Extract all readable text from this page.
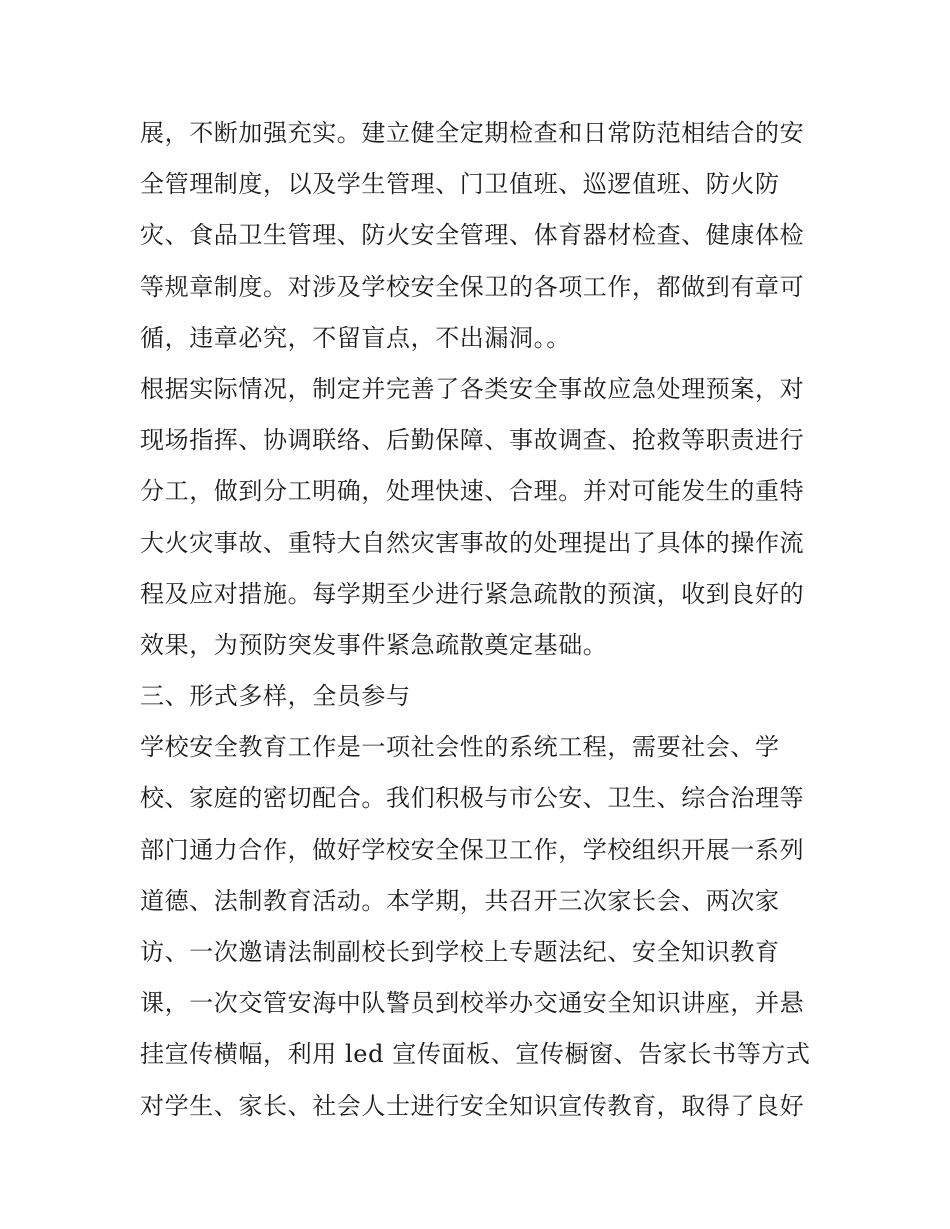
展，不断加强充实。建立健全定期检查和日常防范相结合的安
全管理制度，以及学生管理、门卫值班、巡逻值班、防火防
灾、食品卫生管理、防火安全管理、体育器材检查、健康体检
等规章制度。对涉及学校安全保卫的各项工作，都做到有章可
循，违章必究，不留盲点，不出漏洞。。
根据实际情况，制定并完善了各类安全事故应急处理预案，对
现场指挥、协调联络、后勤保障、事故调查、抢救等职责进行
分工，做到分工明确，处理快速、合理。并对可能发生的重特
大火灾事故、重特大自然灾害事故的处理提出了具体的操作流
程及应对措施。每学期至少进行紧急疏散的预演，收到良好的
效果，为预防突发事件紧急疏散奠定基础。
三、形式多样，全员参与
学校安全教育工作是一项社会性的系统工程，需要社会、学
校、家庭的密切配合。我们积极与市公安、卫生、综合治理等
部门通力合作，做好学校安全保卫工作，学校组织开展一系列
道德、法制教育活动。本学期，共召开三次家长会、两次家
访、一次邀请法制副校长到学校上专题法纪、安全知识教育
课，一次交管安海中队警员到校举办交通安全知识讲座，并悬
挂宣传横幅，利用 led 宣传面板、宣传橱窗、告家长书等方式
对学生、家长、社会人士进行安全知识宣传教育，取得了良好
